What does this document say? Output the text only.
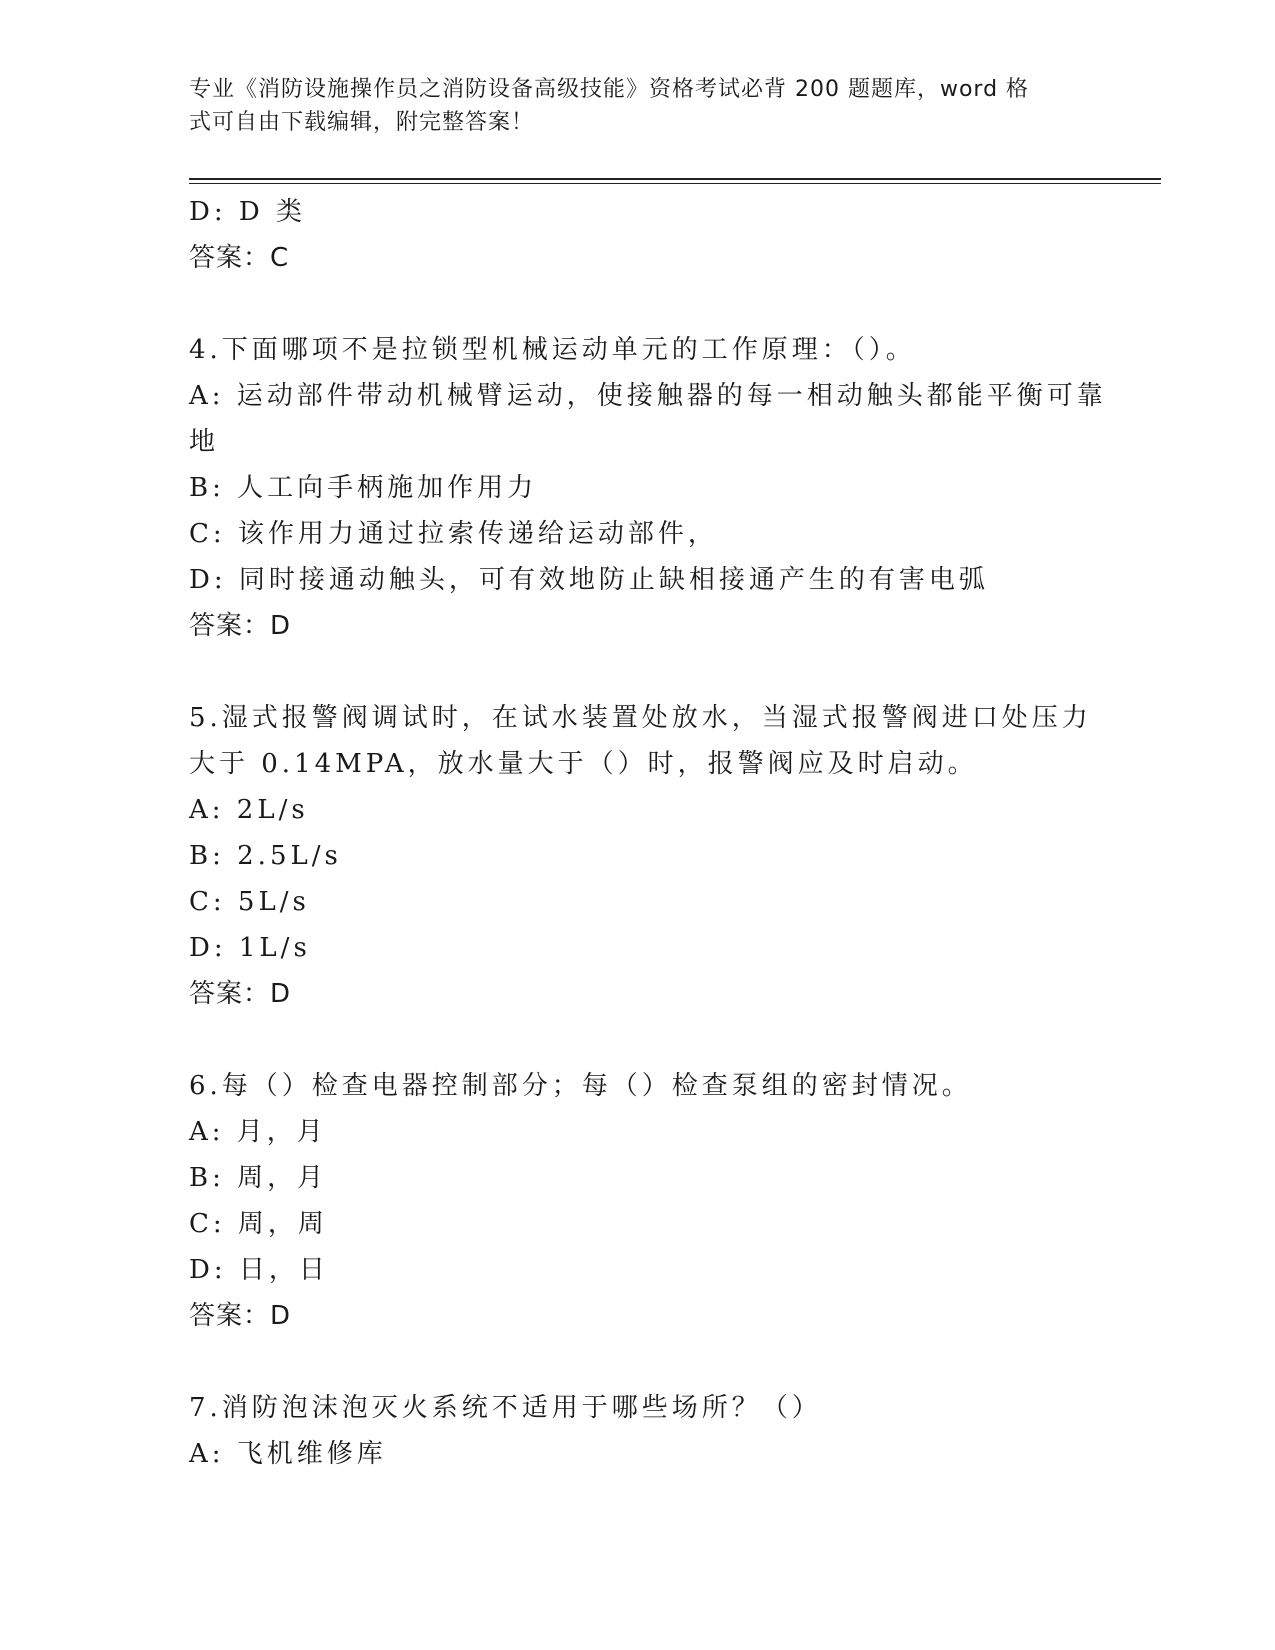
专业《消防设施操作员之消防设备高级技能》资格考试必背 200 题题库，word 格
式可自由下载编辑，附完整答案！
D: D 类
答案：C
4.下面哪项不是拉锁型机械运动单元的工作原理：（）。
A: 运动部件带动机械臂运动，使接触器的每一相动触头都能平衡可靠
地
B: 人工向手柄施加作用力
C: 该作用力通过拉索传递给运动部件，
D: 同时接通动触头，可有效地防止缺相接通产生的有害电弧
答案：D
5.湿式报警阀调试时，在试水装置处放水，当湿式报警阀进口处压力
大于 0.14MPA，放水量大于（）时，报警阀应及时启动。
A: 2L/s
B: 2.5L/s
C: 5L/s
D: 1L/s
答案：D
6.每（）检查电器控制部分；每（）检查泵组的密封情况。
A: 月，月
B: 周，月
C: 周，周
D: 日，日
答案：D
7.消防泡沫泡灭火系统不适用于哪些场所？（）
A: 飞机维修库
